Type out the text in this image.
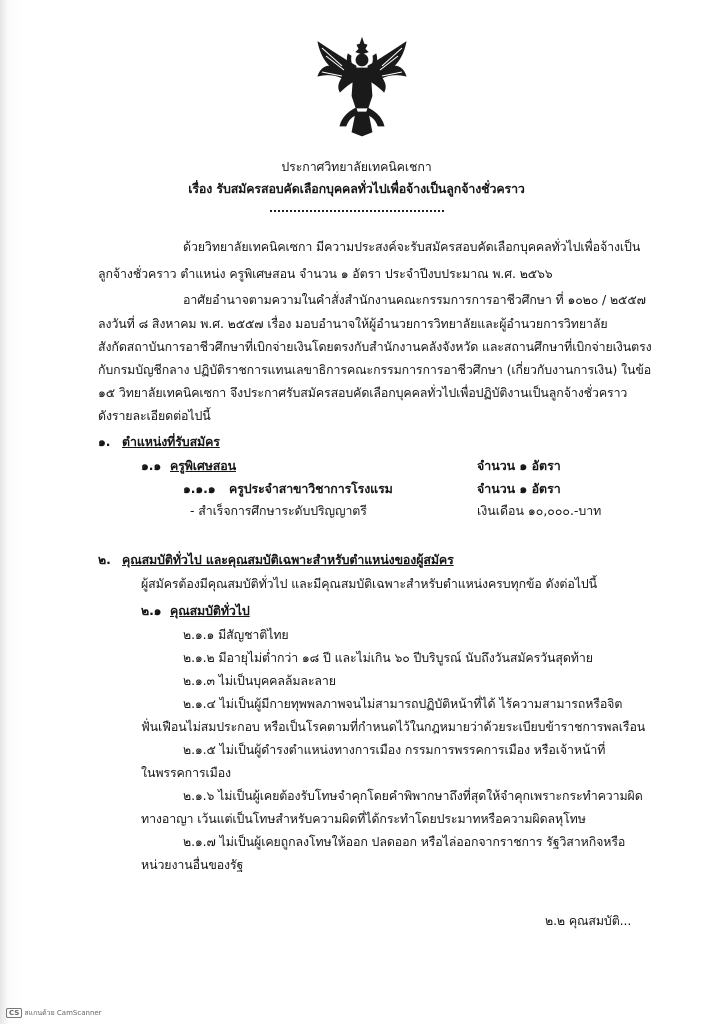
ประกาศวิทยาลัยเทคนิคเชกา
เรื่อง รับสมัครสอบคัดเลือกบุคคลทั่วไปเพื่อจ้างเป็นลูกจ้างชั่วคราว
ด้วยวิทยาลัยเทคนิคเซกา มีความประสงค์จะรับสมัครสอบคัดเลือกบุคคลทั่วไปเพื่อจ้างเป็น
ลูกจ้างชั่วคราว ตำแหน่ง ครูพิเศษสอน จำนวน ๑ อัตรา ประจำปีงบประมาณ พ.ศ. ๒๕๖๖
อาศัยอำนาจตามความในคำสั่งสำนักงานคณะกรรมการการอาชีวศึกษา ที่ ๑๐๒๐ / ๒๕๕๗
ลงวันที่ ๘ สิงหาคม พ.ศ. ๒๕๕๗ เรื่อง มอบอำนาจให้ผู้อำนวยการวิทยาลัยและผู้อำนวยการวิทยาลัย
สังกัดสถาบันการอาชีวศึกษาที่เบิกจ่ายเงินโดยตรงกับสำนักงานคลังจังหวัด และสถานศึกษาที่เบิกจ่ายเงินตรง
กับกรมบัญชีกลาง ปฏิบัติราชการแทนเลขาธิการคณะกรรมการการอาชีวศึกษา (เกี่ยวกับงานการเงิน) ในข้อ
๑๕ วิทยาลัยเทคนิคเซกา จึงประกาศรับสมัครสอบคัดเลือกบุคคลทั่วไปเพื่อปฏิบัติงานเป็นลูกจ้างชั่วคราว
ดังรายละเอียดต่อไปนี้
๑. ตำแหน่งที่รับสมัคร
๑.๑ ครูพิเศษสอน	จำนวน ๑ อัตรา
๑.๑.๑ ครูประจำสาขาวิชาการโรงแรม	จำนวน ๑ อัตรา
- สำเร็จการศึกษาระดับปริญญาตรี	เงินเดือน ๑๐,๐๐๐.-บาท
๒. คุณสมบัติทั่วไป และคุณสมบัติเฉพาะสำหรับตำแหน่งของผู้สมัคร
ผู้สมัครต้องมีคุณสมบัติทั่วไป และมีคุณสมบัติเฉพาะสำหรับตำแหน่งครบทุกข้อ ดังต่อไปนี้
๒.๑ คุณสมบัติทั่วไป
๒.๑.๑ มีสัญชาติไทย
๒.๑.๒ มีอายุไม่ต่ำกว่า ๑๘ ปี และไม่เกิน ๖๐ ปีบริบูรณ์ นับถึงวันสมัครวันสุดท้าย
๒.๑.๓ ไม่เป็นบุคคลล้มละลาย
๒.๑.๔ ไม่เป็นผู้มีกายทุพพลภาพจนไม่สามารถปฏิบัติหน้าที่ได้ ไร้ความสามารถหรือจิต
ฟั่นเฟือนไม่สมประกอบ หรือเป็นโรคตามที่กำหนดไว้ในกฎหมายว่าด้วยระเบียบข้าราชการพลเรือน
๒.๑.๕ ไม่เป็นผู้ดำรงตำแหน่งทางการเมือง กรรมการพรรคการเมือง หรือเจ้าหน้าที่
ในพรรคการเมือง
๒.๑.๖ ไม่เป็นผู้เคยต้องรับโทษจำคุกโดยคำพิพากษาถึงที่สุดให้จำคุกเพราะกระทำความผิด
ทางอาญา เว้นแต่เป็นโทษสำหรับความผิดที่ได้กระทำโดยประมาทหรือความผิดลหุโทษ
๒.๑.๗ ไม่เป็นผู้เคยถูกลงโทษให้ออก ปลดออก หรือไล่ออกจากราชการ รัฐวิสาหกิจหรือ
หน่วยงานอื่นของรัฐ
๒.๒ คุณสมบัติ...
CS สแกนด้วย CamScanner
